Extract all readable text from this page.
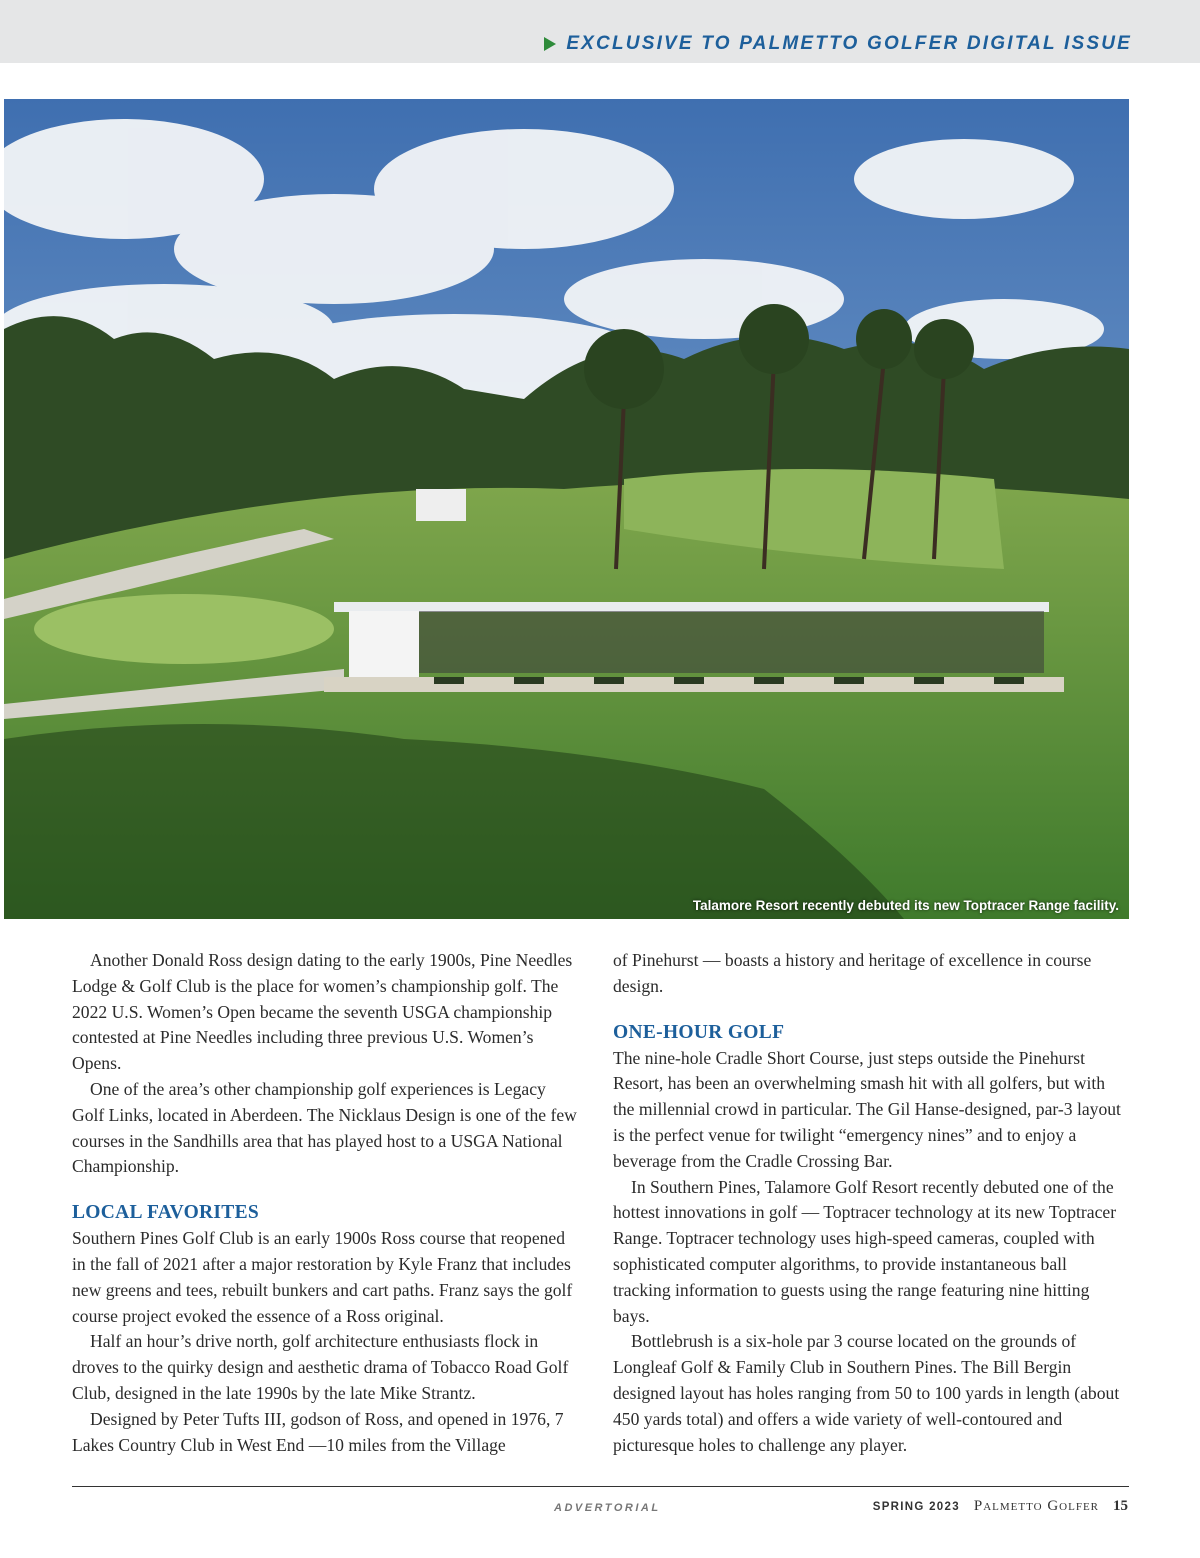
EXCLUSIVE TO PALMETTO GOLFER DIGITAL ISSUE
Talamore Resort recently debuted its new Toptracer Range facility.

Another Donald Ross design dating to the early 1900s, Pine Needles Lodge & Golf Club is the place for women’s championship golf. The 2022 U.S. Women’s Open became the seventh USGA championship contested at Pine Needles including three previous U.S. Women’s Opens.

One of the area’s other championship golf experiences is Legacy Golf Links, located in Aberdeen. The Nicklaus Design is one of the few courses in the Sandhills area that has played host to a USGA National Championship.

LOCAL FAVORITES

Southern Pines Golf Club is an early 1900s Ross course that reopened in the fall of 2021 after a major restoration by Kyle Franz that includes new greens and tees, rebuilt bunkers and cart paths. Franz says the golf course project evoked the essence of a Ross original.

Half an hour’s drive north, golf architecture enthusiasts flock in droves to the quirky design and aesthetic drama of Tobacco Road Golf Club, designed in the late 1990s by the late Mike Strantz.

Designed by Peter Tufts III, godson of Ross, and opened in 1976, 7 Lakes Country Club in West End —10 miles from the Village

of Pinehurst — boasts a history and heritage of excellence in course design.

ONE-HOUR GOLF

The nine-hole Cradle Short Course, just steps outside the Pinehurst Resort, has been an overwhelming smash hit with all golfers, but with the millennial crowd in particular. The Gil Hanse-designed, par-3 layout is the perfect venue for twilight “emergency nines” and to enjoy a beverage from the Cradle Crossing Bar.

In Southern Pines, Talamore Golf Resort recently debuted one of the hottest innovations in golf — Toptracer technology at its new Toptracer Range. Toptracer technology uses high-speed cameras, coupled with sophisticated computer algorithms, to provide instantaneous ball tracking information to guests using the range featuring nine hitting bays.

Bottlebrush is a six-hole par 3 course located on the grounds of Longleaf Golf & Family Club in Southern Pines. The Bill Bergin designed layout has holes ranging from 50 to 100 yards in length (about 450 yards total) and offers a wide variety of well-contoured and picturesque holes to challenge any player.

ADVERTORIAL	SPRING 2023 Palmetto Golfer 15
